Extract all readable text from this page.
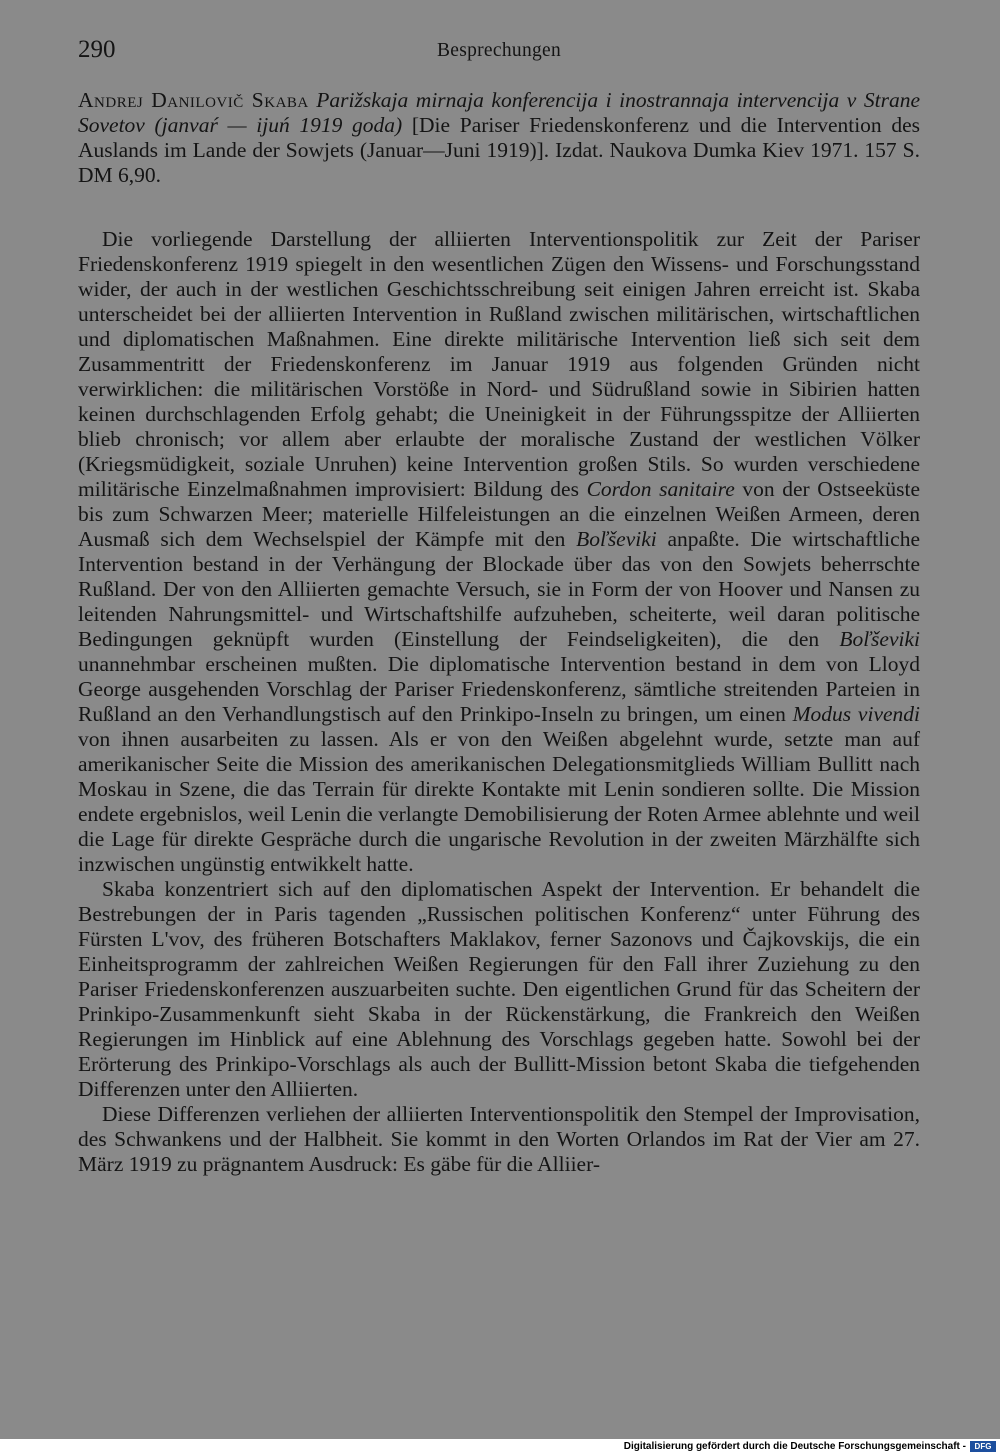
290	Besprechungen
Andrej Danilovič Skaba Parižskaja mirnaja konferencija i inostrannaja intervencija v Strane Sovetov (janvaŕ — ijuń 1919 goda) [Die Pariser Friedenskonferenz und die Intervention des Auslands im Lande der Sowjets (Januar—Juni 1919)]. Izdat. Naukova Dumka Kiev 1971. 157 S. DM 6,90.

Die vorliegende Darstellung der alliierten Interventionspolitik zur Zeit der Pariser Friedenskonferenz 1919 spiegelt in den wesentlichen Zügen den Wissens- und Forschungsstand wider, der auch in der westlichen Geschichtsschreibung seit einigen Jahren erreicht ist. Skaba unterscheidet bei der alliierten Intervention in Rußland zwischen militärischen, wirtschaftlichen und diplomatischen Maßnahmen. Eine direkte militärische Intervention ließ sich seit dem Zusammentritt der Friedenskonferenz im Januar 1919 aus folgenden Gründen nicht verwirklichen: die militärischen Vorstöße in Nord- und Südrußland sowie in Sibirien hatten keinen durchschlagenden Erfolg gehabt; die Uneinigkeit in der Führungsspitze der Alliierten blieb chronisch; vor allem aber erlaubte der moralische Zustand der westlichen Völker (Kriegsmüdigkeit, soziale Unruhen) keine Intervention großen Stils. So wurden verschiedene militärische Einzelmaßnahmen improvisiert: Bildung des Cordon sanitaire von der Ostseeküste bis zum Schwarzen Meer; materielle Hilfeleistungen an die einzelnen Weißen Armeen, deren Ausmaß sich dem Wechselspiel der Kämpfe mit den Boľševiki anpaßte. Die wirtschaftliche Intervention bestand in der Verhängung der Blockade über das von den Sowjets beherrschte Rußland. Der von den Alliierten gemachte Versuch, sie in Form der von Hoover und Nansen zu leitenden Nahrungsmittel- und Wirtschaftshilfe aufzuheben, scheiterte, weil daran politische Bedingungen geknüpft wurden (Einstellung der Feindseligkeiten), die den Boľševiki unannehmbar erscheinen mußten. Die diplomatische Intervention bestand in dem von Lloyd George ausgehenden Vorschlag der Pariser Friedenskonferenz, sämtliche streitenden Parteien in Rußland an den Verhandlungstisch auf den Prinkipo-Inseln zu bringen, um einen Modus vivendi von ihnen ausarbeiten zu lassen. Als er von den Weißen abgelehnt wurde, setzte man auf amerikanischer Seite die Mission des amerikanischen Delegationsmitglieds William Bullitt nach Moskau in Szene, die das Terrain für direkte Kontakte mit Lenin sondieren sollte. Die Mission endete ergebnislos, weil Lenin die verlangte Demobilisierung der Roten Armee ablehnte und weil die Lage für direkte Gespräche durch die ungarische Revolution in der zweiten Märzhälfte sich inzwischen ungünstig entwikkelt hatte.

Skaba konzentriert sich auf den diplomatischen Aspekt der Intervention. Er behandelt die Bestrebungen der in Paris tagenden „Russischen politischen Konferenz“ unter Führung des Fürsten L'vov, des früheren Botschafters Maklakov, ferner Sazonovs und Čajkovskijs, die ein Einheitsprogramm der zahlreichen Weißen Regierungen für den Fall ihrer Zuziehung zu den Pariser Friedenskonferenzen auszuarbeiten suchte. Den eigentlichen Grund für das Scheitern der Prinkipo-Zusammenkunft sieht Skaba in der Rückenstärkung, die Frankreich den Weißen Regierungen im Hinblick auf eine Ablehnung des Vorschlags gegeben hatte. Sowohl bei der Erörterung des Prinkipo-Vorschlags als auch der Bullitt-Mission betont Skaba die tiefgehenden Differenzen unter den Alliierten.

Diese Differenzen verliehen der alliierten Interventionspolitik den Stempel der Improvisation, des Schwankens und der Halbheit. Sie kommt in den Worten Orlandos im Rat der Vier am 27. März 1919 zu prägnantem Ausdruck: Es gäbe für die Alliier-

Digitalisierung gefördert durch die Deutsche Forschungsgemeinschaft -	DFG
